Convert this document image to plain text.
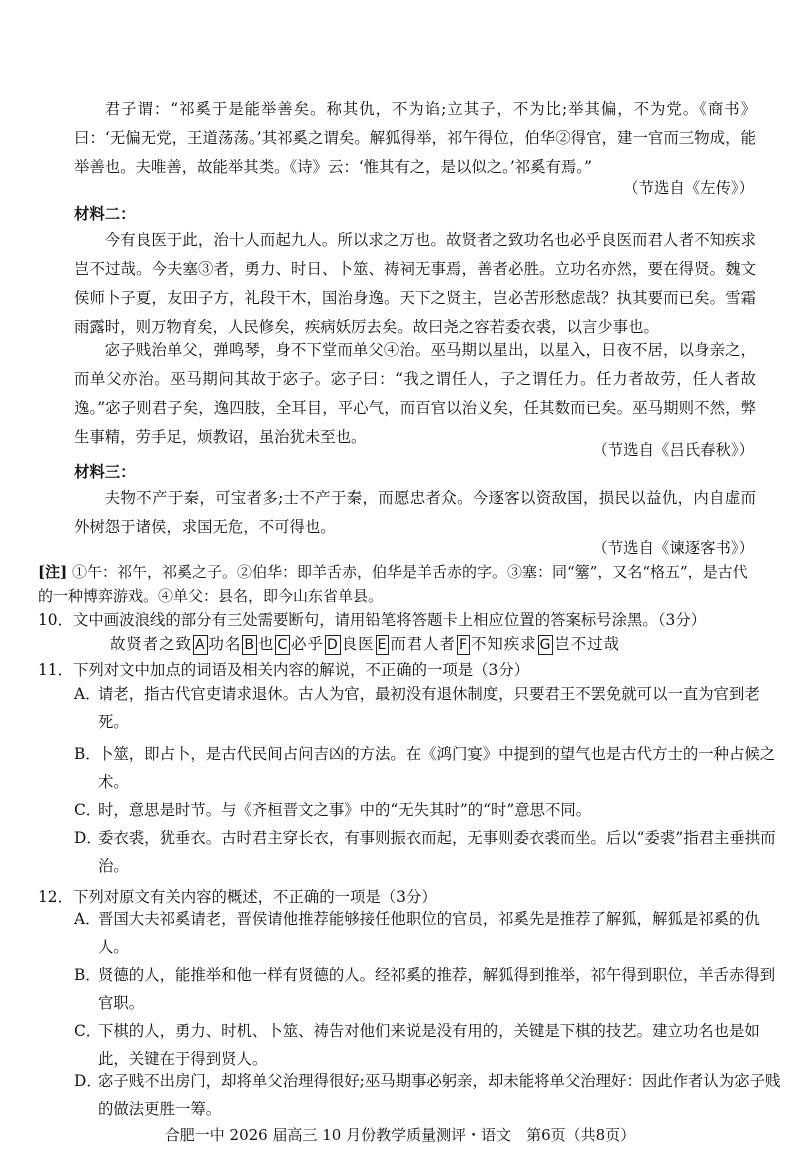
君子谓：“祁奚于是能举善矣。称其仇，不为谄;立其子，不为比;举其偏，不为党。《商书》曰：‘无偏无党，王道荡荡。’其祁奚之谓矣。解狐得举，祁午得位，伯华②得官，建一官而三物成，能举善也。夫唯善，故能举其类。《诗》云：‘惟其有之，是以似之。’祁奚有焉。”

（节选自《左传》）
材料二：

今有良医于此，治十人而起九人。所以求之万也。故贤者之致功名也必乎良医而君人者不知疾求岂不过哉。今夫塞③者，勇力、时日、卜筮、祷祠无事焉，善者必胜。立功名亦然，要在得贤。魏文侯师卜子夏，友田子方，礼段干木，国治身逸。天下之贤主，岂必苦形愁虑哉？执其要而已矣。雪霜雨露时，则万物育矣，人民修矣，疾病妖厉去矣。故曰尧之容若委衣裘，以言少事也。

宓子贱治单父，弹鸣琴，身不下堂而单父④治。巫马期以星出，以星入，日夜不居，以身亲之，而单父亦治。巫马期问其故于宓子。宓子曰：“我之谓任人，子之谓任力。任力者故劳，任人者故逸。”宓子则君子矣，逸四肢，全耳目，平心气，而百官以治义矣，任其数而已矣。巫马期则不然，弊生事精，劳手足，烦教诏，虽治犹未至也。

（节选自《吕氏春秋》）
材料三：

夫物不产于秦，可宝者多;士不产于秦，而愿忠者众。今逐客以资敌国，损民以益仇，内自虚而外树怨于诸侯，求国无危，不可得也。

（节选自《谏逐客书》）
[注] ①午：祁午，祁奚之子。②伯华：即羊舌赤，伯华是羊舌赤的字。③塞：同“簺”，又名“格五”，是古代的一种博弈游戏。④单父：县名，即今山东省单县。
10．文中画波浪线的部分有三处需要断句，请用铅笔将答题卡上相应位置的答案标号涂黑。（3分）
故贤者之致 A 功名 B 也 C 必乎 D 良医 E 而君人者 F 不知疾求 G 岂不过哉
11．下列对文中加点的词语及相关内容的解说，不正确的一项是（3分）
A．请老，指古代官吏请求退休。古人为官，最初没有退休制度，只要君王不罢免就可以一直为官到老死。
B．卜筮，即占卜，是古代民间占问吉凶的方法。在《鸿门宴》中提到的望气也是古代方士的一种占候之术。
C．时，意思是时节。与《齐桓晋文之事》中的“无失其时”的“时”意思不同。
D．委衣裘，犹垂衣。古时君主穿长衣，有事则振衣而起，无事则委衣裘而坐。后以“委裘”指君主垂拱而治。
12．下列对原文有关内容的概述，不正确的一项是（3分）
A．晋国大夫祁奚请老，晋侯请他推荐能够接任他职位的官员，祁奚先是推荐了解狐，解狐是祁奚的仇人。
B．贤德的人，能推举和他一样有贤德的人。经祁奚的推荐，解狐得到推举，祁午得到职位，羊舌赤得到官职。
C．下棋的人，勇力、时机、卜筮、祷告对他们来说是没有用的，关键是下棋的技艺。建立功名也是如此，关键在于得到贤人。
D．宓子贱不出房门，却将单父治理得很好;巫马期事必躬亲，却未能将单父治理好：因此作者认为宓子贱的做法更胜一筹。
合肥一中 2026 届高三 10 月份教学质量测评・语文　第6页（共8页）
